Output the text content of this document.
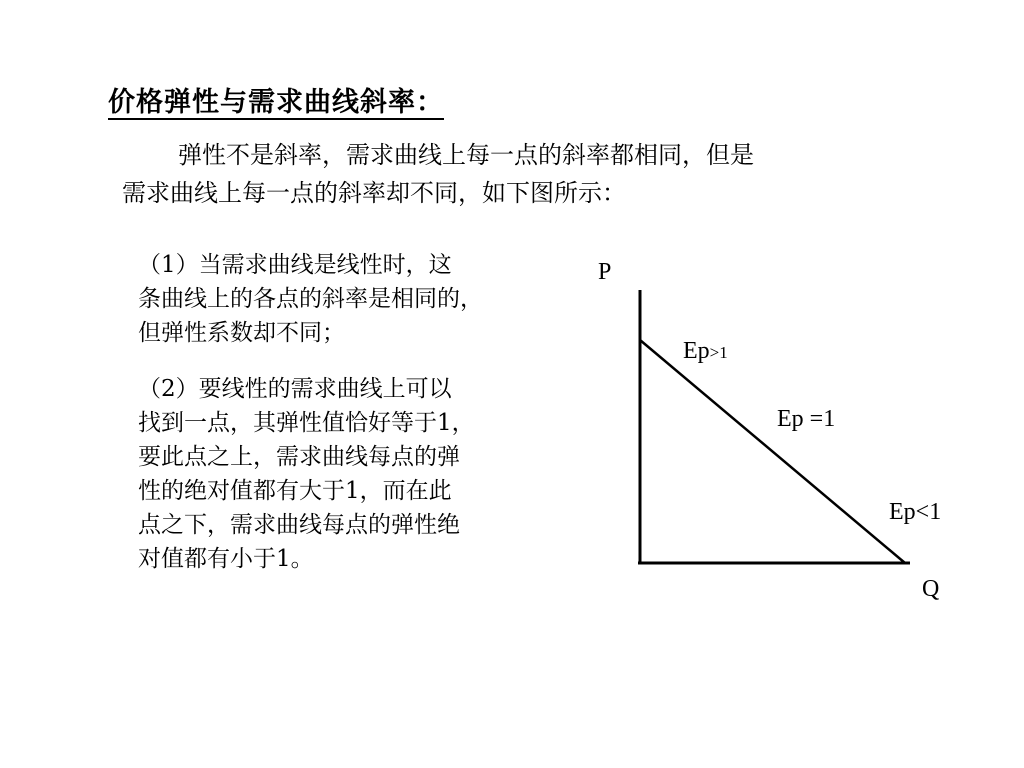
价格弹性与需求曲线斜率：
弹性不是斜率，需求曲线上每一点的斜率都相同，但是
需求曲线上每一点的斜率却不同，如下图所示：
（1）当需求曲线是线性时，这
条曲线上的各点的斜率是相同的，
但弹性系数却不同；
（2）要线性的需求曲线上可以
找到一点，其弹性值恰好等于1，
要此点之上，需求曲线每点的弹
性的绝对值都有大于1，而在此
点之下，需求曲线每点的弹性绝
对值都有小于1。
P
Q
Ep>1
Ep =1
Ep<1
